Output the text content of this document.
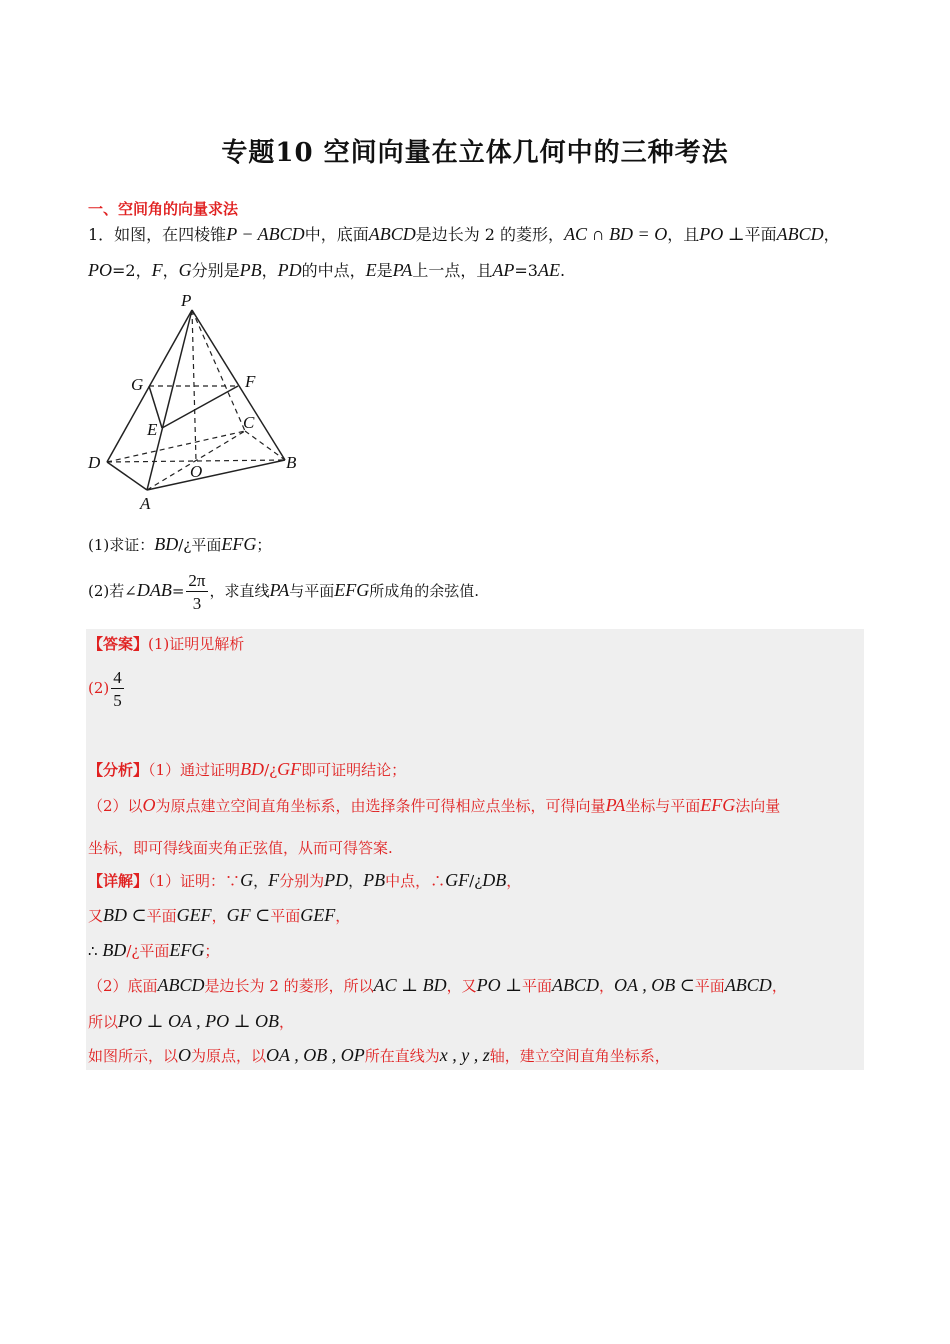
专题10 空间向量在立体几何中的三种考法
一、空间角的向量求法
1．如图，在四棱锥P − ABCD中，底面ABCD是边长为 2 的菱形，AC ∩ BD = O，且PO ⊥平面ABCD，
PO=2，F，G分别是PB，PD的中点，E是PA上一点，且AP=3AE.
P
G	F
E	C
D	O	B
A
(1)求证：BD/¿平面EFG；
(2)若∠DAB= $\frac{2\pi}{3}$ ，求直线PA与平面EFG所成角的余弦值.
【答案】(1)证明见解析
$(2) \frac{4}{5}$
【分析】（1）通过证明BD/¿GF即可证明结论；
（2）以O为原点建立空间直角坐标系，由选择条件可得相应点坐标，可得向量PA坐标与平面EFG法向量
坐标，即可得线面夹角正弦值，从而可得答案.
【详解】（1）证明：∵G，F分别为PD，PB中点，∴GF/¿DB，
又BD ⊂平面GEF，GF ⊂平面GEF，
∴ BD/¿平面EFG；
（2）底面ABCD是边长为 2 的菱形，所以AC ⊥ BD，又PO ⊥平面ABCD，OA , OB ⊂平面ABCD，
所以PO ⊥ OA , PO ⊥ OB，
如图所示，以O为原点，以OA , OB , OP所在直线为x , y , z轴，建立空间直角坐标系，
